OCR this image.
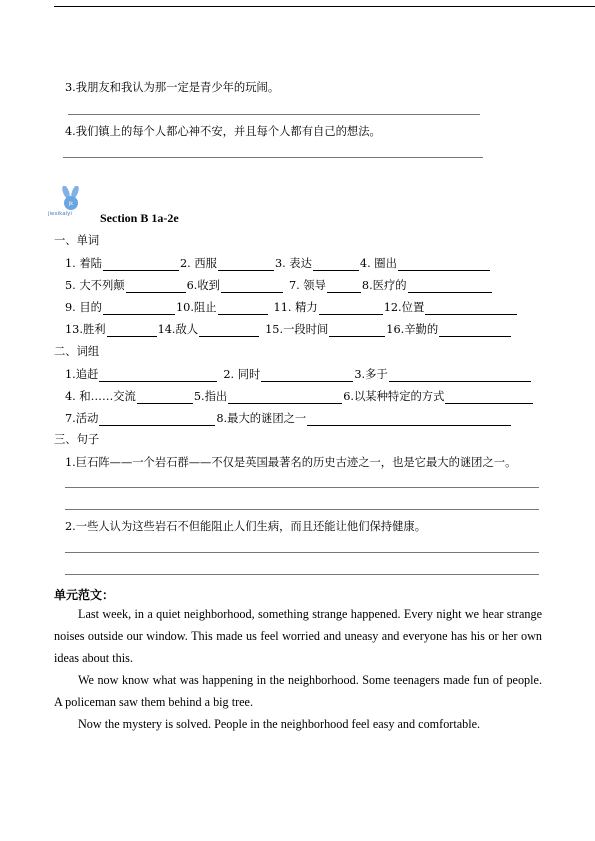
3.我朋友和我认为那一定是青少年的玩闹。
4.我们镇上的每个人都心神不安，并且每个人都有自己的想法。
jk
jiexikaiyi Section B 1a-2e
一、单词
1. 着陆	2. 西服	3. 表达	4. 圈出
5. 大不列颠	6.收到	7. 领导	8.医疗的
9. 目的	10.阻止	11. 精力	12.位置
13.胜利	14.敌人	15.一段时间	16.辛勤的
二、词组
1.追赶	2. 同时	3.多于
4. 和……交流	5.指出	6.以某种特定的方式
7.活动	8.最大的谜团之一
三、句子
1.巨石阵——一个岩石群——不仅是英国最著名的历史古迹之一，也是它最大的谜团之一。
2.一些人认为这些岩石不但能阻止人们生病，而且还能让他们保持健康。
单元范文：

Last week, in a quiet neighborhood, something strange happened. Every night we hear strange noises outside our window. This made us feel worried and uneasy and everyone has his or her own ideas about this.

We now know what was happening in the neighborhood. Some teenagers made fun of people. A policeman saw them behind a big tree.

Now the mystery is solved. People in the neighborhood feel easy and comfortable.
